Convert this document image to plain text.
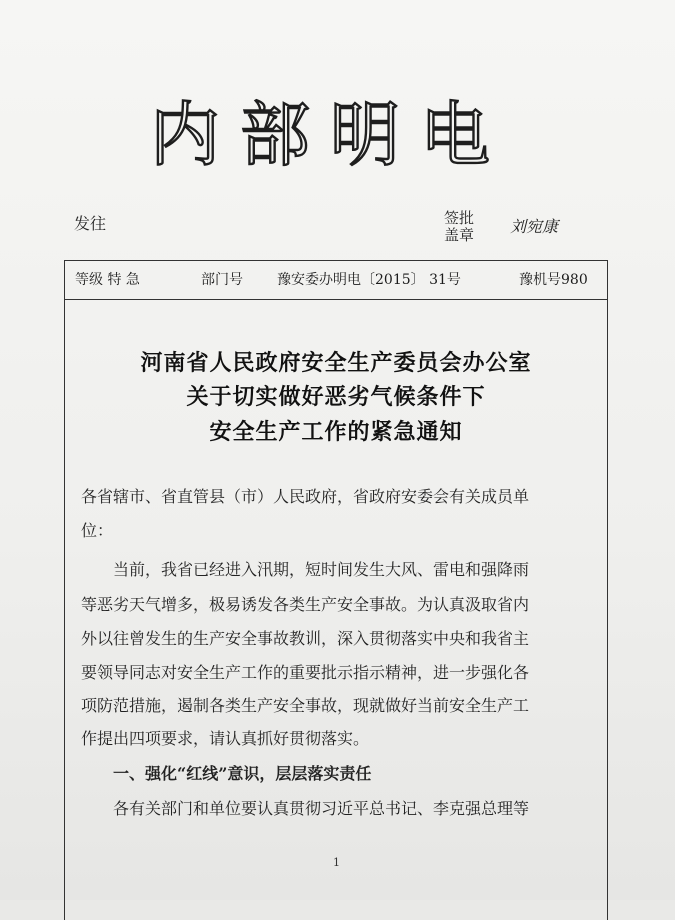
内部明电
发往	签批
盖章 刘宛康
等级 特 急	部门号 豫安委办明电〔2015〕 31号	豫机号980
河南省人民政府安全生产委员会办公室
关于切实做好恶劣气候条件下
安全生产工作的紧急通知
各省辖市、省直管县（市）人民政府，省政府安委会有关成员单
位：
　　当前，我省已经进入汛期，短时间发生大风、雷电和强降雨
等恶劣天气增多，极易诱发各类生产安全事故。为认真汲取省内
外以往曾发生的生产安全事故教训，深入贯彻落实中央和我省主
要领导同志对安全生产工作的重要批示指示精神，进一步强化各
项防范措施，遏制各类生产安全事故，现就做好当前安全生产工
作提出四项要求，请认真抓好贯彻落实。
　　一、强化“红线”意识，层层落实责任
　　各有关部门和单位要认真贯彻习近平总书记、李克强总理等
1
